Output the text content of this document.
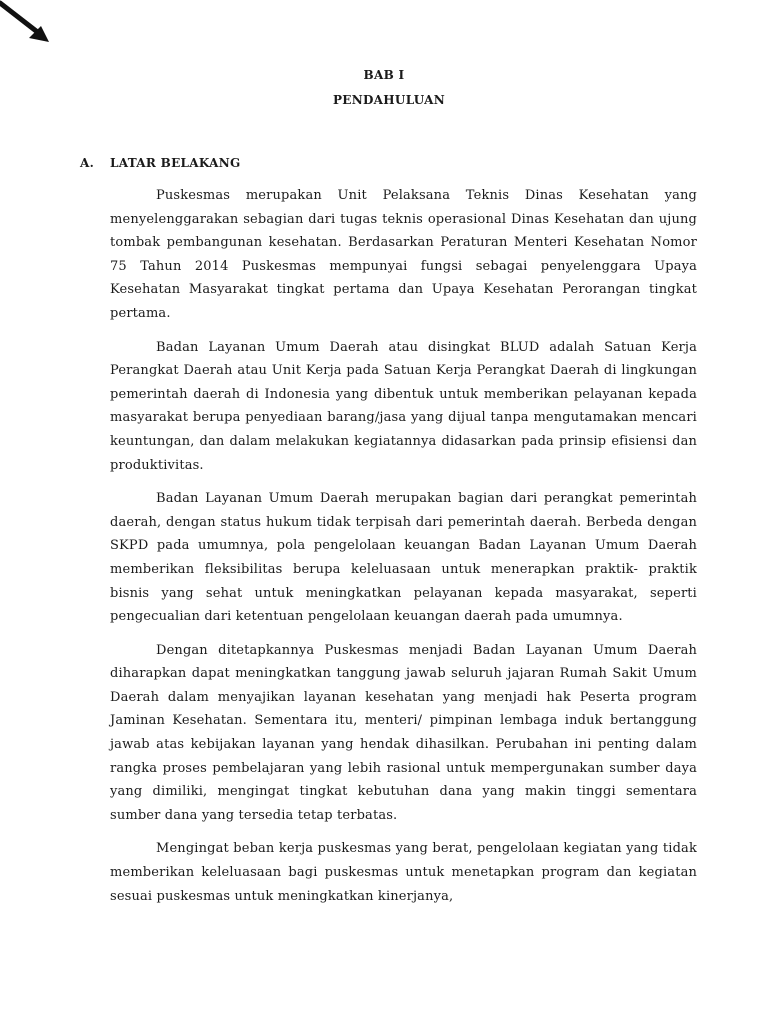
BAB I
PENDAHULUAN
A. LATAR BELAKANG

Puskesmas merupakan Unit Pelaksana Teknis Dinas Kesehatan yang menyelenggarakan sebagian dari tugas teknis operasional Dinas Kesehatan dan ujung tombak pembangunan kesehatan. Berdasarkan Peraturan Menteri Kesehatan Nomor 75 Tahun 2014 Puskesmas mempunyai fungsi sebagai penyelenggara Upaya Kesehatan Masyarakat tingkat pertama dan Upaya Kesehatan Perorangan tingkat pertama.

Badan Layanan Umum Daerah atau disingkat BLUD adalah Satuan Kerja Perangkat Daerah atau Unit Kerja pada Satuan Kerja Perangkat Daerah di lingkungan pemerintah daerah di Indonesia yang dibentuk untuk memberikan pelayanan kepada masyarakat berupa penyediaan barang/jasa yang dijual tanpa mengutamakan mencari keuntungan, dan dalam melakukan kegiatannya didasarkan pada prinsip efisiensi dan produktivitas.

Badan Layanan Umum Daerah merupakan bagian dari perangkat pemerintah daerah, dengan status hukum tidak terpisah dari pemerintah daerah. Berbeda dengan SKPD pada umumnya, pola pengelolaan keuangan Badan Layanan Umum Daerah memberikan fleksibilitas berupa keleluasaan untuk menerapkan praktik- praktik bisnis yang sehat untuk meningkatkan pelayanan kepada masyarakat, seperti pengecualian dari ketentuan pengelolaan keuangan daerah pada umumnya.

Dengan ditetapkannya Puskesmas menjadi Badan Layanan Umum Daerah diharapkan dapat meningkatkan tanggung jawab seluruh jajaran Rumah Sakit Umum Daerah dalam menyajikan layanan kesehatan yang menjadi hak Peserta program Jaminan Kesehatan. Sementara itu, menteri/ pimpinan lembaga induk bertanggung jawab atas kebijakan layanan yang hendak dihasilkan. Perubahan ini penting dalam rangka proses pembelajaran yang lebih rasional untuk mempergunakan sumber daya yang dimiliki, mengingat tingkat kebutuhan dana yang makin tinggi sementara sumber dana yang tersedia tetap terbatas.

Mengingat beban kerja puskesmas yang berat, pengelolaan kegiatan yang tidak memberikan keleluasaan bagi puskesmas untuk menetapkan program dan kegiatan sesuai puskesmas untuk meningkatkan kinerjanya,
